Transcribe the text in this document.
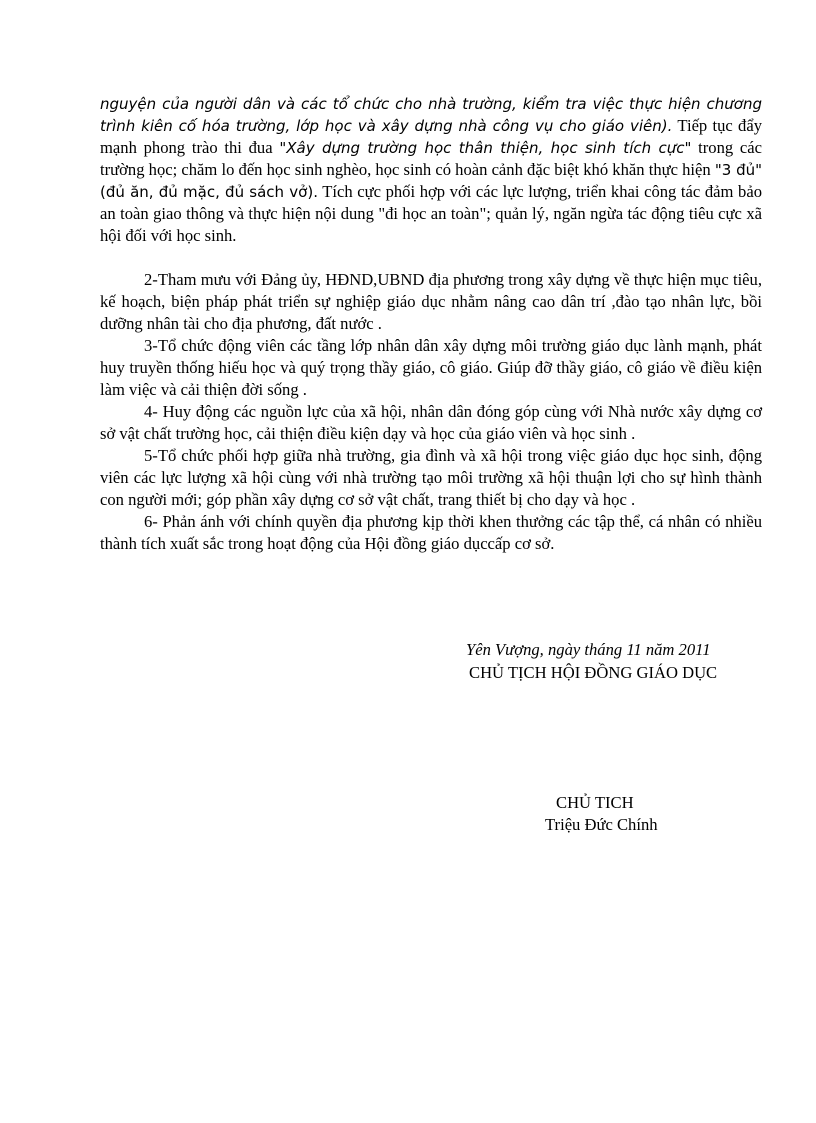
nguyện của người dân và các tổ chức cho nhà trường, kiểm tra việc thực hiện chương trình kiên cố hóa trường, lớp học và xây dựng nhà công vụ cho giáo viên). Tiếp tục đẩy mạnh phong trào thi đua "Xây dựng trường học thân thiện, học sinh tích cực" trong các trường học; chăm lo đến học sinh nghèo, học sinh có hoàn cảnh đặc biệt khó khăn thực hiện "3 đủ" (đủ ăn, đủ mặc, đủ sách vở). Tích cực phối hợp với các lực lượng, triển khai công tác đảm bảo an toàn giao thông và thực hiện nội dung "đi học an toàn"; quản lý, ngăn ngừa tác động tiêu cực xã hội đối với học sinh.

2-Tham mưu với Đảng ủy, HĐND,UBND địa phương trong xây dựng về thực hiện mục tiêu, kế hoạch, biện pháp phát triển sự nghiệp giáo dục nhằm nâng cao dân trí ,đào tạo nhân lực, bồi dưỡng nhân tài cho địa phương, đất nước .

3-Tổ chức động viên các tầng lớp nhân dân xây dựng môi trường giáo dục lành mạnh, phát huy truyền thống hiếu học và quý trọng thầy giáo, cô giáo. Giúp đỡ thầy giáo, cô giáo về điều kiện làm việc và cải thiện đời sống .

4- Huy động các nguồn lực của xã hội, nhân dân đóng góp cùng với Nhà nước xây dựng cơ sở vật chất trường học, cải thiện điều kiện dạy và học của giáo viên và học sinh .

5-Tổ chức phối hợp giữa nhà trường, gia đình và xã hội trong việc giáo dục học sinh, động viên các lực lượng xã hội cùng với nhà trường tạo môi trường xã hội thuận lợi cho sự hình thành con người mới; góp phần xây dựng cơ sở vật chất, trang thiết bị cho dạy và học .

6- Phản ánh với chính quyền địa phương kịp thời khen thưởng các tập thể, cá nhân có nhiều thành tích xuất sắc trong hoạt động của Hội đồng giáo dụccấp cơ sở.

Yên Vượng, ngày tháng 11 năm 2011
CHỦ TỊCH HỘI ĐỒNG GIÁO DỤC
CHỦ TICH
Triệu Đức Chính
